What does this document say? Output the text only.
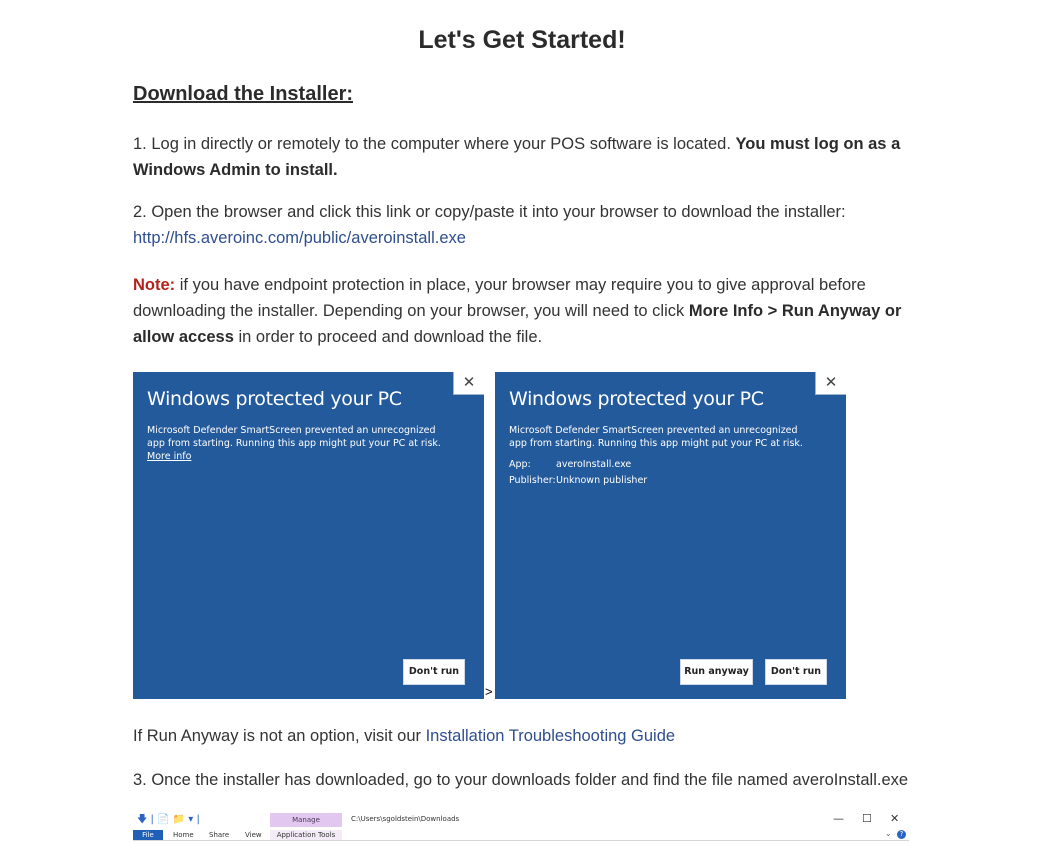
Let's Get Started!
Download the Installer:

1. Log in directly or remotely to the computer where your POS software is located. You must log on as a Windows Admin to install.

2. Open the browser and click this link or copy/paste it into your browser to download the installer:
http://hfs.averoinc.com/public/averoinstall.exe

Note: if you have endpoint protection in place, your browser may require you to give approval before downloading the installer. Depending on your browser, you will need to click More Info > Run Anyway or allow access in order to proceed and download the file.

✕
Windows protected your PC
Microsoft Defender SmartScreen prevented an unrecognized app from starting. Running this app might put your PC at risk.
More info
Don't run
>
✕
Windows protected your PC
Microsoft Defender SmartScreen prevented an unrecognized app from starting. Running this app might put your PC at risk.
App:	averoInstall.exe
Publisher:Unknown publisher
Run anyway	Don't run

If Run Anyway is not an option, visit our Installation Troubleshooting Guide

3. Once the installer has downloaded, go to your downloads folder and find the file named averoInstall.exe

🡇 | 📄 📁 ▾ |	Manage	C:\Users\sgoldstein\Downloads	— ☐ ✕
File	Home Share View	Application Tools	⌄	?
